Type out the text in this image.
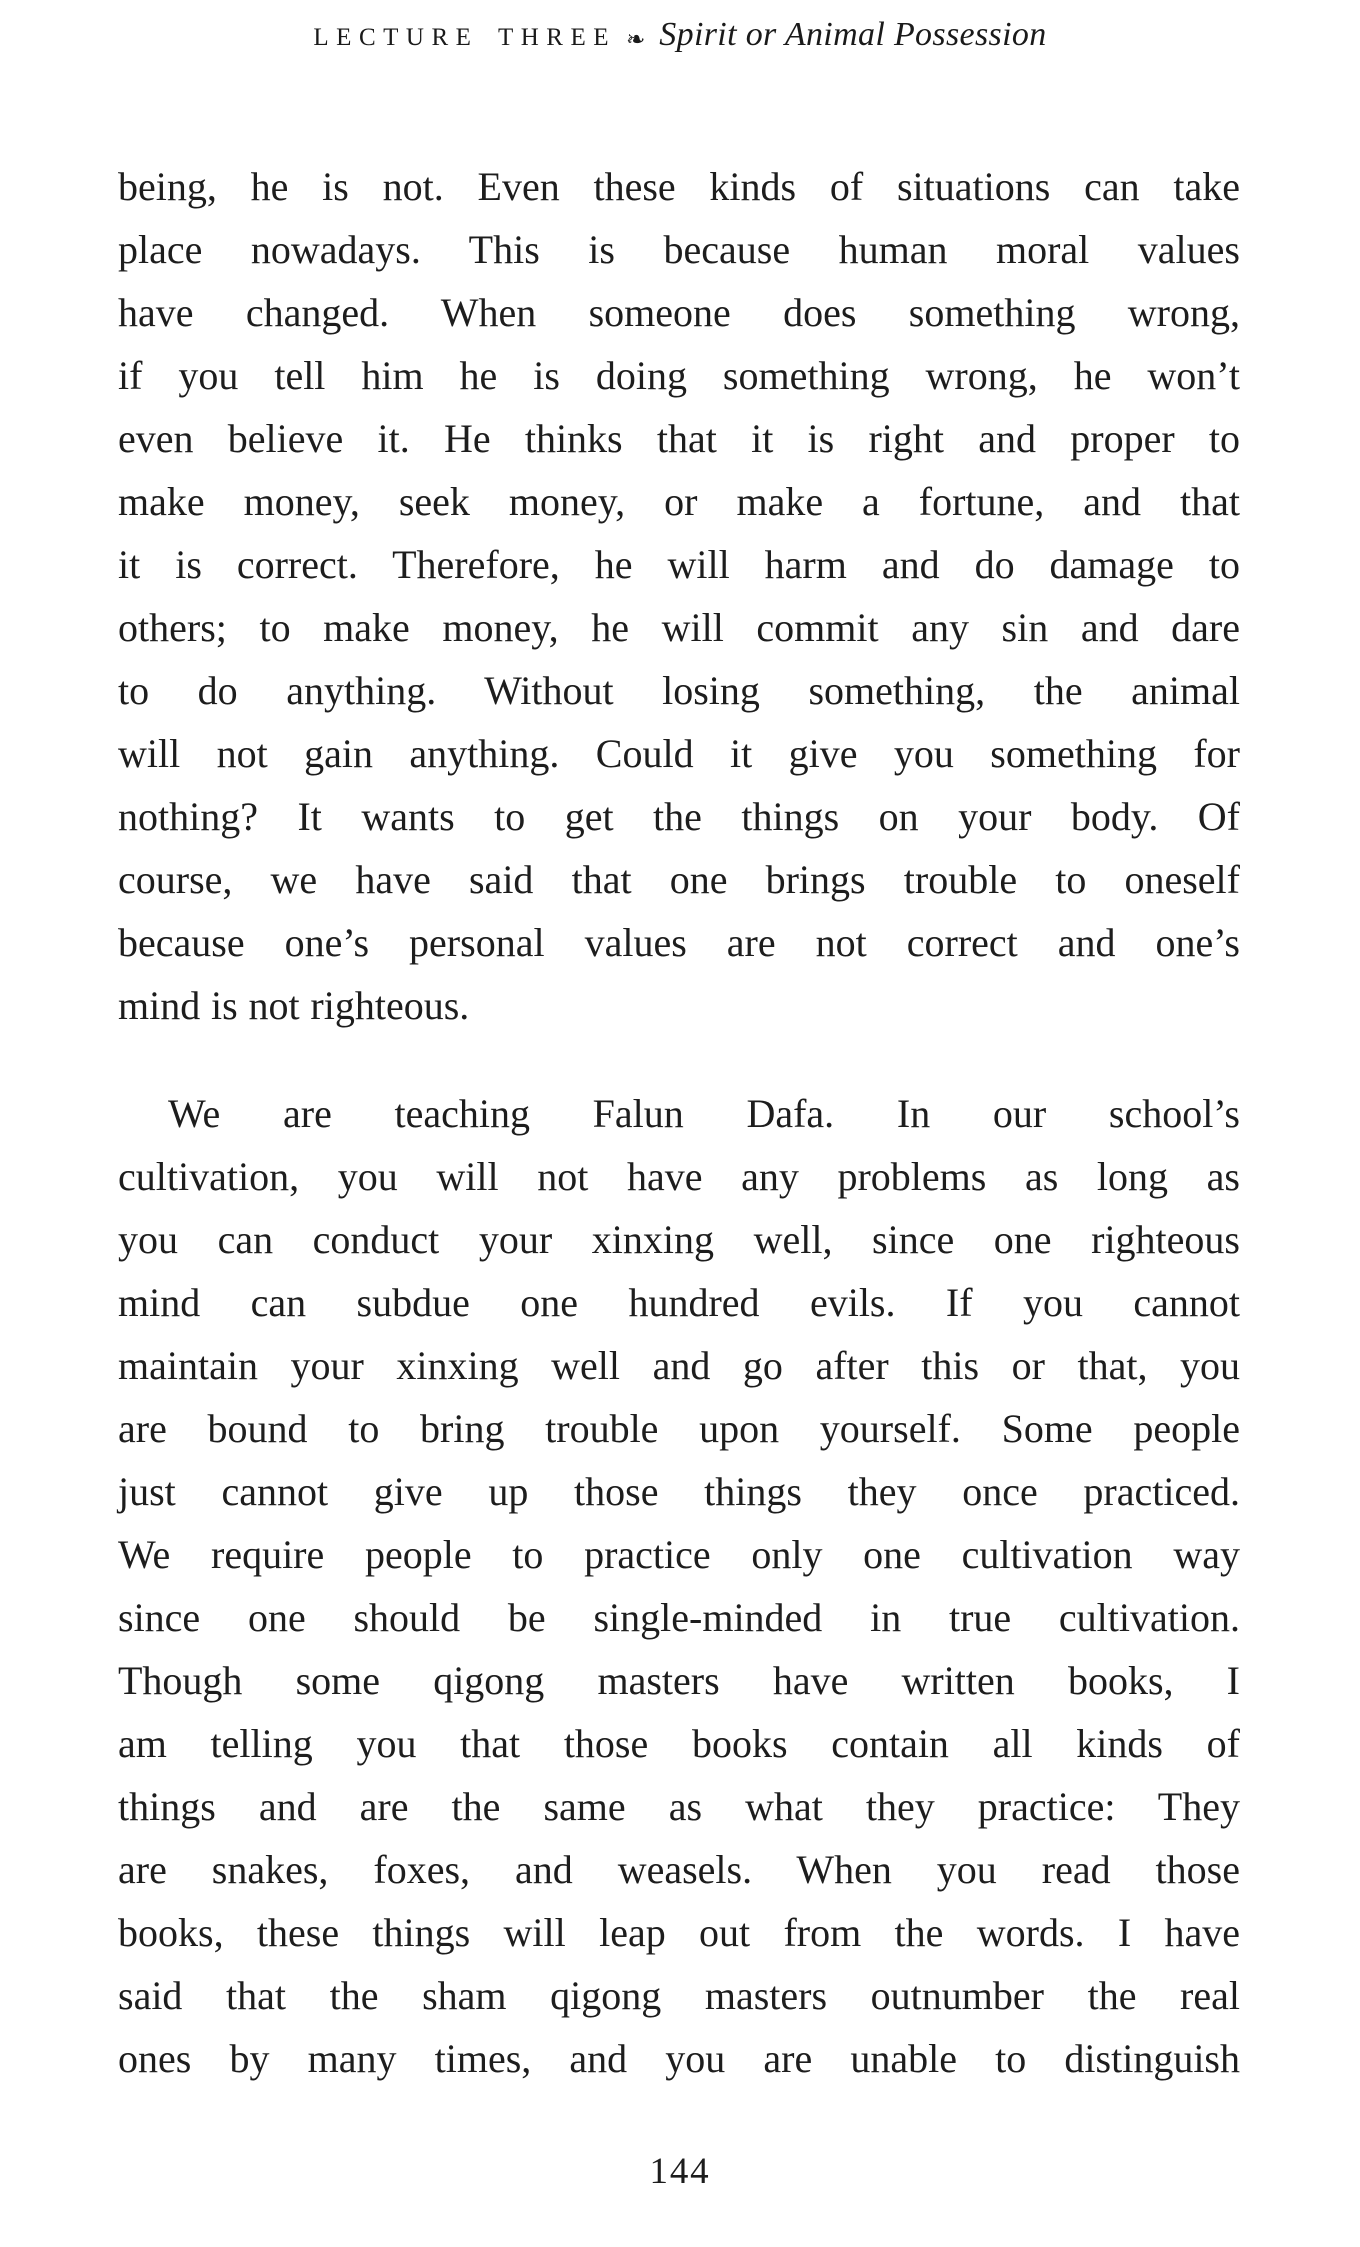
LECTURE THREE ❧ Spirit or Animal Possession
being, he is not. Even these kinds of situations can take
place nowadays. This is because human moral values
have changed. When someone does something wrong,
if you tell him he is doing something wrong, he won’t
even believe it. He thinks that it is right and proper to
make money, seek money, or make a fortune, and that
it is correct. Therefore, he will harm and do damage to
others; to make money, he will commit any sin and dare
to do anything. Without losing something, the animal
will not gain anything. Could it give you something for
nothing? It wants to get the things on your body. Of
course, we have said that one brings trouble to oneself
because one’s personal values are not correct and one’s
mind is not righteous.
We are teaching Falun Dafa. In our school’s
cultivation, you will not have any problems as long as
you can conduct your xinxing well, since one righteous
mind can subdue one hundred evils. If you cannot
maintain your xinxing well and go after this or that, you
are bound to bring trouble upon yourself. Some people
just cannot give up those things they once practiced.
We require people to practice only one cultivation way
since one should be single-minded in true cultivation.
Though some qigong masters have written books, I
am telling you that those books contain all kinds of
things and are the same as what they practice: They
are snakes, foxes, and weasels. When you read those
books, these things will leap out from the words. I have
said that the sham qigong masters outnumber the real
ones by many times, and you are unable to distinguish
144
